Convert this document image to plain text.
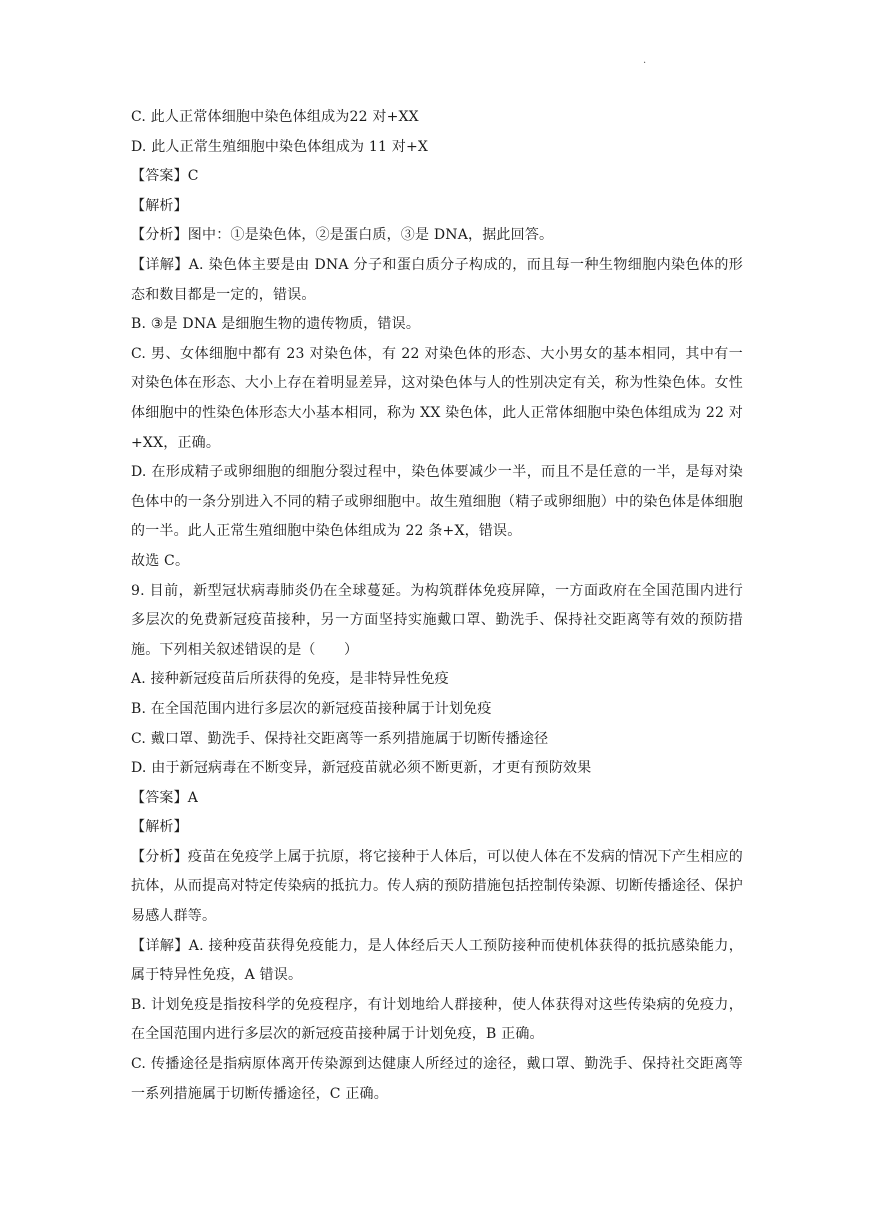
.
C. 此人正常体细胞中染色体组成为22 对+XX
D. 此人正常生殖细胞中染色体组成为 11 对+X
【答案】C
【解析】
【分析】图中：①是染色体，②是蛋白质，③是 DNA，据此回答。
【详解】A. 染色体主要是由 DNA 分子和蛋白质分子构成的，而且每一种生物细胞内染色体的形态和数目都是一定的，错误。
B. ③是 DNA 是细胞生物的遗传物质，错误。
C. 男、女体细胞中都有 23 对染色体，有 22 对染色体的形态、大小男女的基本相同，其中有一对染色体在形态、大小上存在着明显差异，这对染色体与人的性别决定有关，称为性染色体。女性体细胞中的性染色体形态大小基本相同，称为 XX 染色体，此人正常体细胞中染色体组成为 22 对+XX，正确。
D. 在形成精子或卵细胞的细胞分裂过程中，染色体要减少一半，而且不是任意的一半，是每对染色体中的一条分别进入不同的精子或卵细胞中。故生殖细胞（精子或卵细胞）中的染色体是体细胞的一半。此人正常生殖细胞中染色体组成为 22 条+X，错误。
故选 C。
9. 目前，新型冠状病毒肺炎仍在全球蔓延。为构筑群体免疫屏障，一方面政府在全国范围内进行多层次的免费新冠疫苗接种，另一方面坚持实施戴口罩、勤洗手、保持社交距离等有效的预防措施。下列相关叙述错误的是（　　）
A. 接种新冠疫苗后所获得的免疫，是非特异性免疫
B. 在全国范围内进行多层次的新冠疫苗接种属于计划免疫
C. 戴口罩、勤洗手、保持社交距离等一系列措施属于切断传播途径
D. 由于新冠病毒在不断变异，新冠疫苗就必须不断更新，才更有预防效果
【答案】A
【解析】
【分析】疫苗在免疫学上属于抗原，将它接种于人体后，可以使人体在不发病的情况下产生相应的抗体，从而提高对特定传染病的抵抗力。传人病的预防措施包括控制传染源、切断传播途径、保护易感人群等。
【详解】A. 接种疫苗获得免疫能力，是人体经后天人工预防接种而使机体获得的抵抗感染能力，属于特异性免疫，A 错误。
B. 计划免疫是指按科学的免疫程序，有计划地给人群接种，使人体获得对这些传染病的免疫力，在全国范围内进行多层次的新冠疫苗接种属于计划免疫，B 正确。
C. 传播途径是指病原体离开传染源到达健康人所经过的途径，戴口罩、勤洗手、保持社交距离等一系列措施属于切断传播途径，C 正确。
